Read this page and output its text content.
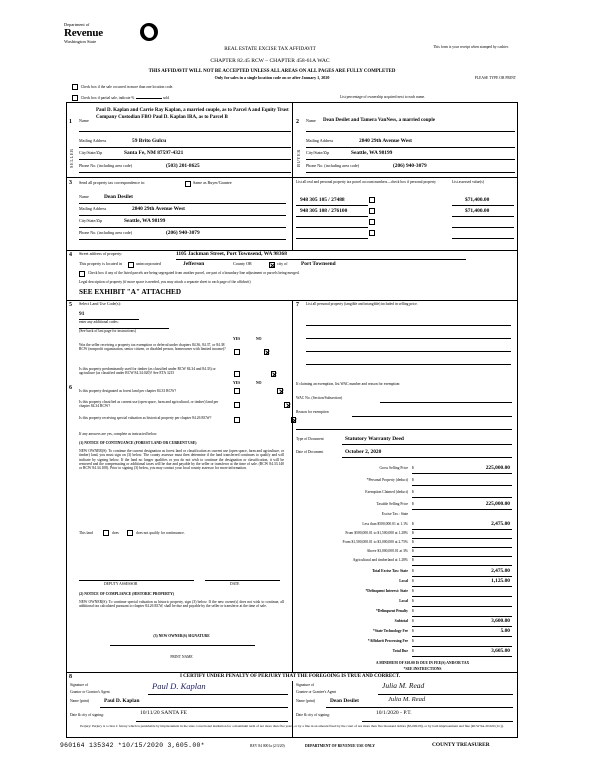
Department of
Revenue
Washington State
REAL ESTATE EXCISE TAX AFFIDAVIT
CHAPTER 82.45 RCW – CHAPTER 458-61A WAC
THIS AFFIDAVIT WILL NOT BE ACCEPTED UNLESS ALL AREAS ON ALL PAGES ARE FULLY COMPLETED
Only for sales in a single location code on or after January 1, 2020
This form is your receipt when stamped by cashier.
PLEASE TYPE OR PRINT
Check box if the sale occurred in more than one location code.
Check box if partial sale, indicate %	sold	List percentage of ownership acquired next to each name.
1	2
SELLER	BUYER
Name
Paul D. Kaplan and Carrie Ray Kaplan, a married couple, as to Parcel A and Equity Trust Company Custodian FBO Paul D. Kaplan IRA, as to Parcel B
Mailing Address	59 Brito Gulcu
City/State/Zip	Santa Fe, NM 87597-4321
Phone No. (including area code)	(503) 201-8625
Name Dean Desilet and Tamera VanNess, a married couple
Mailing Address	2840 29th Avenue West
City/State/Zip	Seattle, WA 98199
Phone No. (including area code)	(206) 940-3079
3 Send all property tax correspondence to:	Same as Buyer/Grantee
Name	Dean Desilet
Mailing Address	2840 29th Avenue West
City/State/Zip	Seattle, WA 98199
Phone No. (including area code)	(206) 940-3079
List all real and personal property tax parcel account numbers—check box if personal property	List assessed value(s)
948 305 105 / 27488	$71,400.00
948 305 108 / 276100	$71,400.00
4 Street address of property:	1105 Jackman Street, Port Townsend, WA 98368
This property is located in	unincorporated	Jefferson	County OR
	city of Port Townsend
Check box if any of the listed parcels are being segregated from another parcel, are part of a boundary line adjustment or parcels being merged.
Legal description of property (if more space is needed, you may attach a separate sheet to each page of the affidavit)
SEE EXHIBIT "A" ATTACHED
5 Select Land Use Code(s):
91
enter any additional codes:
(See back of last page for instructions)
YES	NO
Was the seller receiving a property tax exemption or deferral under chapters 84.36, 84.37, or 84.38 RCW (nonprofit organization, senior citizen, or disabled person, homeowner with limited income)?

Is this property predominantly used for timber (as classified under RCW 84.34 and 84.33) or agriculture (as classified under RCW 84.34.020)? See ETA 3215

6
YES	NO
Is this property designated as forest land per chapter 84.33 RCW?

Is this property classified as current use (open space, farm and agricultural, or timber) land per chapter 84.34 RCW?

Is this property receiving special valuation as historical property per chapter 84.26 RCW?
If any answers are yes, complete as instructed below.
(1) NOTICE OF CONTINUANCE (FOREST LAND OR CURRENT USE)
NEW OWNER(S): To continue the current designation as forest land or classification as current use (open space, farm and agriculture, or timber) land, you must sign on (3) below. The county assessor must then determine if the land transferred continues to qualify and will indicate by signing below. If the land no longer qualifies or you do not wish to continue the designation or classification, it will be removed and the compensating or additional taxes will be due and payable by the seller or transferor at the time of sale. (RCW 84.33.140 or RCW 84.34.108). Prior to signing (3) below, you may contact your local county assessor for more information.
This land	does	does not qualify for continuance.
DEPUTY ASSESSOR	DATE
(2) NOTICE OF COMPLIANCE (HISTORIC PROPERTY)
NEW OWNER(S): To continue special valuation as historic property, sign (3) below. If the new owner(s) does not wish to continue, all additional tax calculated pursuant to chapter 84.26 RCW, shall be due and payable by the seller or transferor at the time of sale.
(3) NEW OWNER(S) SIGNATURE
PRINT NAME
7 List all personal property (tangible and intangible) included in selling price.
If claiming an exemption, list WAC number and reason for exemption:
WAC No. (Section/Subsection)
Reason for exemption
Type of Document	Statutory Warranty Deed
Date of Document	October 2, 2020
Gross Selling Price $	225,000.00
*Personal Property (deduct) $
Exemption Claimed (deduct) $
Taxable Selling Price $	225,000.00
Excise Tax : State
Less than $500,000.01 at 1.1% $	2,475.00
From $500,000.01 to $1,500,000 at 1.28% $
From $1,500,000.01 to $3,000,000 at 2.75% $
Above $3,000,000.01 at 3% $
Agricultural and timberland at 1.28% $
Total Excise Tax: State $	2,475.00
Local $	1,125.00
*Delinquent Interest: State $
Local $
*Delinquent Penalty $
Subtotal $	3,600.00
*State Technology Fee $	5.00
*Affidavit Processing Fee $
Total Due $	3,605.00
A MINIMUM OF $10.00 IS DUE IN FEE(S) AND/OR TAX
*SEE INSTRUCTIONS
8	I CERTIFY UNDER PENALTY OF PERJURY THAT THE FOREGOING IS TRUE AND CORRECT.
Signature of
Grantor or Grantor's Agent
Paul D. Kaplan	Signature of
Grantee or Grantee's Agent
Julia M. Read
Name (print)	Paul D. Kaplan	Name (print)	Dean Desilet	Julia M. Read
Date & city of signing:	10/11/20 SANTA FE	Date & city of signing:	10/1/2020 - P.T.
Perjury: Perjury is a class C felony which is punishable by imprisonment in the state correctional institution for a maximum term of not more than five years, or by a fine in an amount fixed by the court of not more than five thousand dollars ($5,000.00), or by both imprisonment and fine (RCW 9A.20.020 (1C)).
960164 135342 *10/15/2020 3,605.00*	REV 84 0001a (2/3/20)	DEPARTMENT OF REVENUE USE ONLY	COUNTY TREASURER
